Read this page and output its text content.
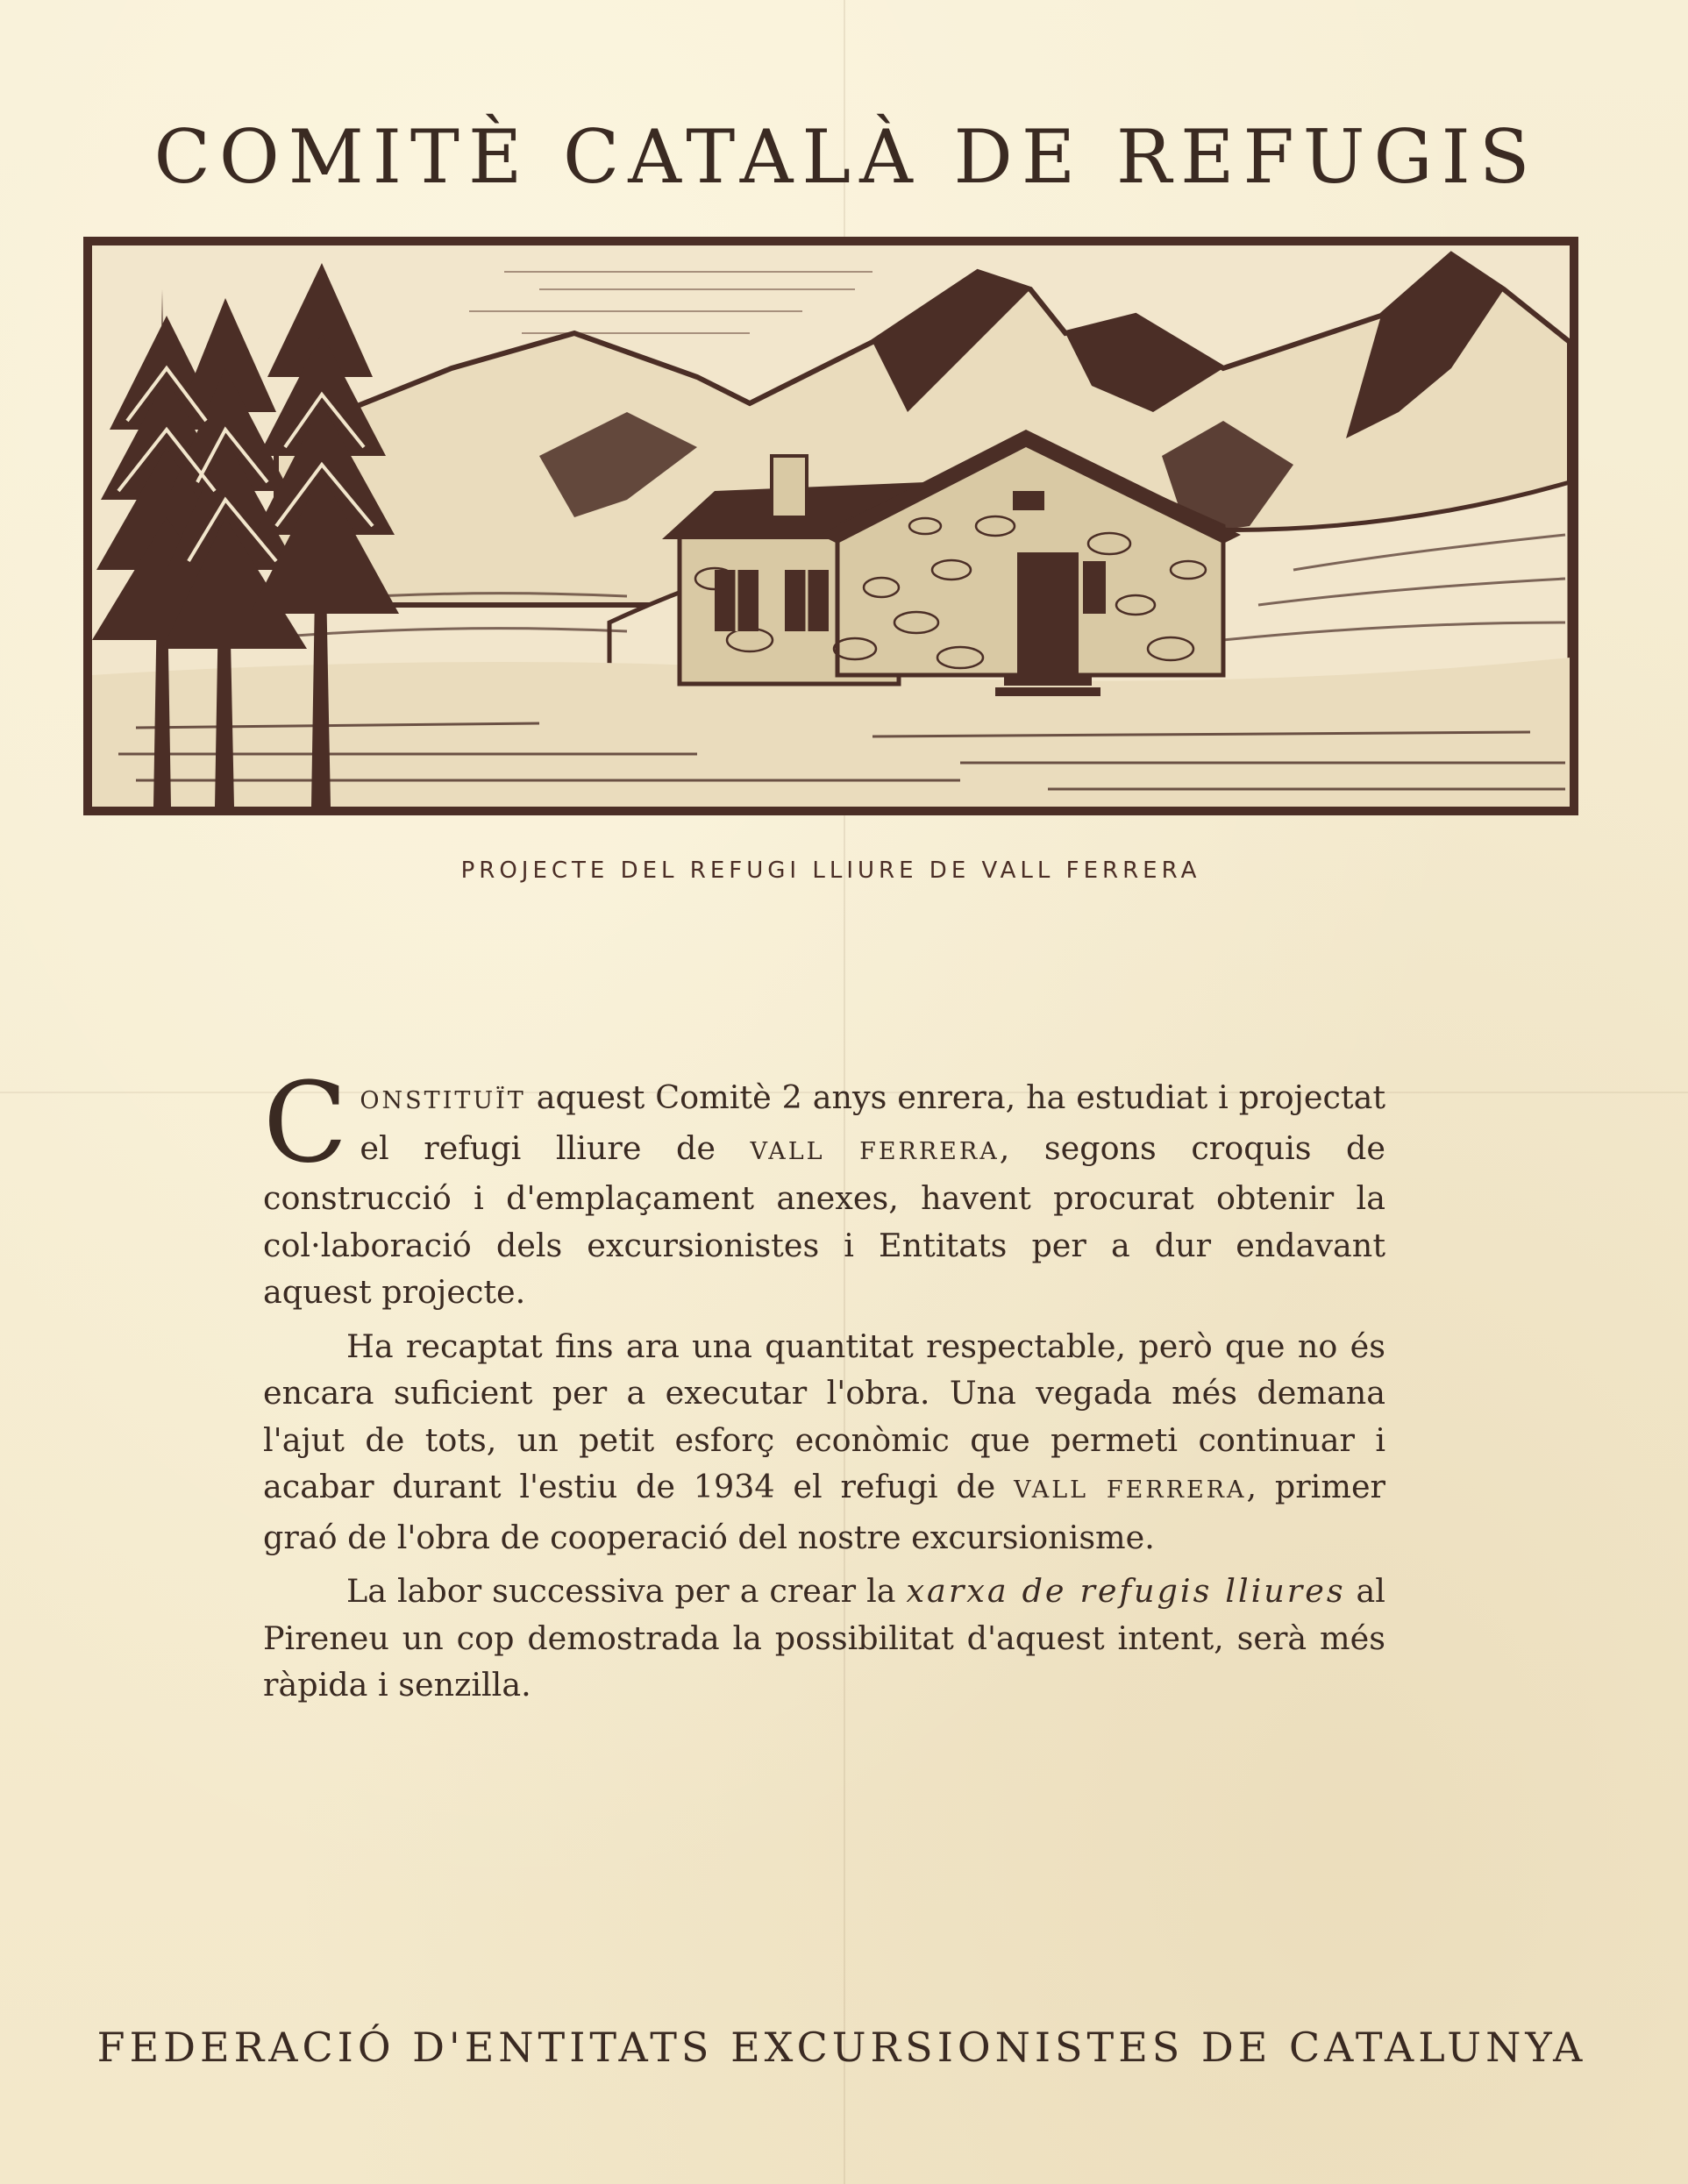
COMITÈ CATALÀ DE REFUGIS
PROJECTE DEL REFUGI LLIURE DE VALL FERRERA

CONSTITUÏT aquest Comitè 2 anys enrera, ha estudiat i projectat el refugi lliure de VALL FERRERA, segons croquis de construcció i d'emplaçament anexes, havent procurat obtenir la col·laboració dels excursionistes i Entitats per a dur endavant aquest projecte.

Ha recaptat fins ara una quantitat respectable, però que no és encara suficient per a executar l'obra. Una vegada més demana l'ajut de tots, un petit esforç econòmic que permeti continuar i acabar durant l'estiu de 1934 el refugi de VALL FERRERA, primer graó de l'obra de cooperació del nostre excursionisme.

La labor successiva per a crear la xarxa de refugis lliures al Pireneu un cop demostrada la possibilitat d'aquest intent, serà més ràpida i senzilla.

FEDERACIÓ D'ENTITATS EXCURSIONISTES DE CATALUNYA
